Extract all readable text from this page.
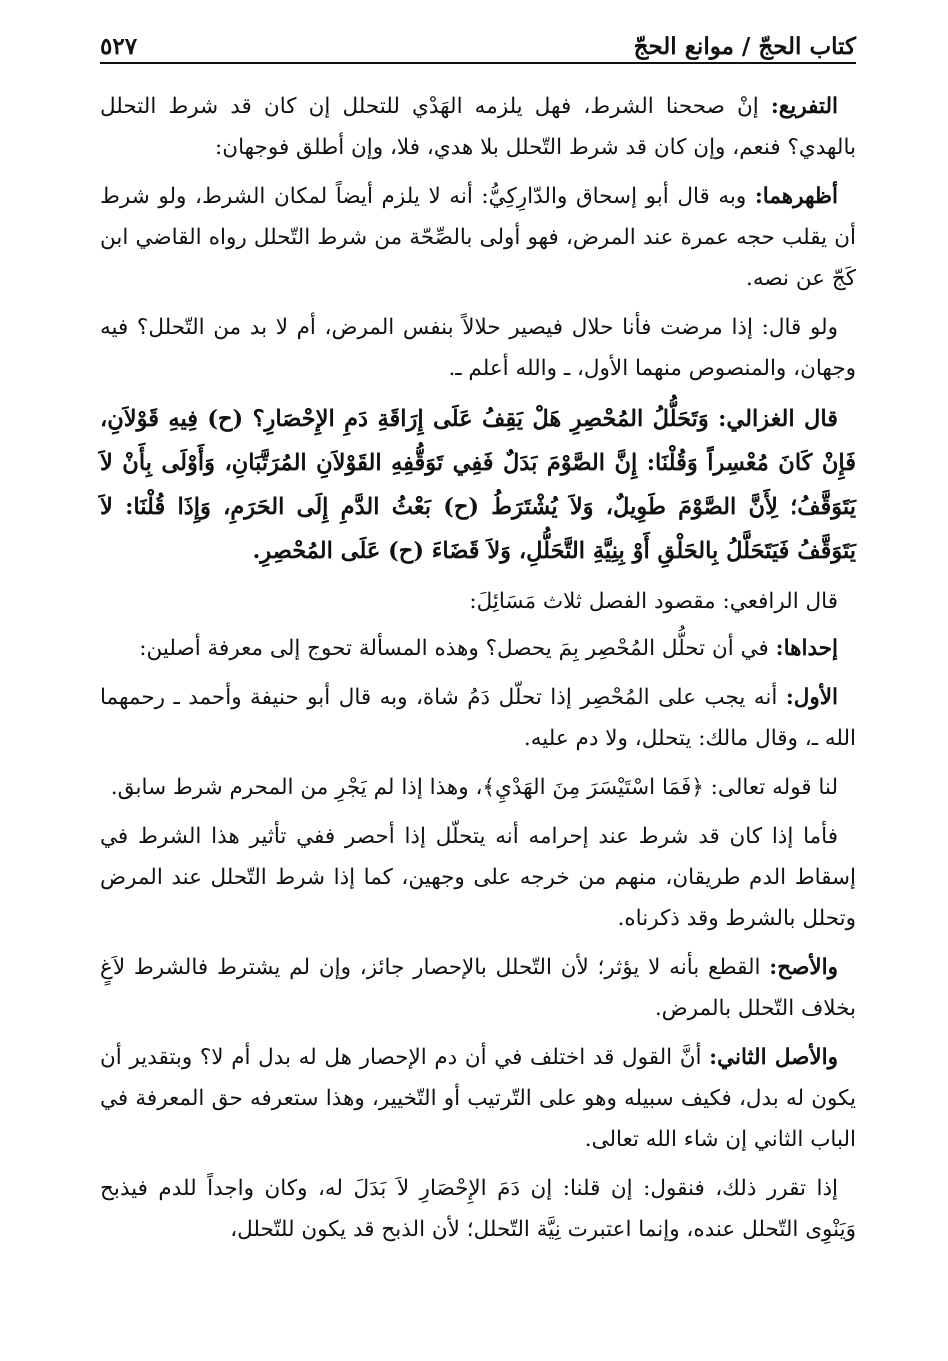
كتاب الحجّ / موانع الحجّ
٥٢٧

التفريع: إنْ صححنا الشرط، فهل يلزمه الهَدْي للتحلل إن كان قد شرط التحلل بالهدي؟ فنعم، وإن كان قد شرط التّحلل بلا هدي، فلا، وإن أطلق فوجهان:

أظهرهما: وبه قال أبو إسحاق والدّارِكِيُّ: أنه لا يلزم أيضاً لمكان الشرط، ولو شرط أن يقلب حجه عمرة عند المرض، فهو أولى بالصِّحّة من شرط التّحلل رواه القاضي ابن كَجّ عن نصه.

ولو قال: إذا مرضت فأنا حلال فيصير حلالاً بنفس المرض، أم لا بد من التّحلل؟ فيه وجهان، والمنصوص منهما الأول، ـ والله أعلم ـ.

قال الغزالي: وَتَحَلُّلُ المُحْصِرِ هَلْ يَقِفُ عَلَى إِرَاقَةِ دَمِ الإِحْصَارِ؟ (ح) فِيهِ قَوْلاَنِ، فَإِنْ كَانَ مُعْسِراً وَقُلْنَا: إِنَّ الصَّوْمَ بَدَلٌ فَفِي تَوَقُّفِهِ القَوْلاَنِ المُرَتَّبَانِ، وَأَوْلَى بِأَنْ لاَ يَتَوَقَّفُ؛ لِأَنَّ الصَّوْمَ طَوِيلٌ، وَلاَ يُشْتَرَطُ (ح) بَعْثُ الدَّمِ إِلَى الحَرَمِ، وَإِذَا قُلْنَا: لاَ يَتَوَقَّفُ فَيَتَحَلَّلُ بِالحَلْقِ أَوْ بِنِيَّةِ التَّحَلُّلِ، وَلاَ قَضَاءَ (ح) عَلَى المُحْصِرِ.

قال الرافعي: مقصود الفصل ثلاث مَسَائِلَ:

إحداها: في أن تحلُّل المُحْصِر بِمَ يحصل؟ وهذه المسألة تحوج إلى معرفة أصلين:

الأول: أنه يجب على المُحْصِر إذا تحلّل دَمُ شاة، وبه قال أبو حنيفة وأحمد ـ رحمهما الله ـ، وقال مالك: يتحلل، ولا دم عليه.

لنا قوله تعالى: ﴿فَمَا اسْتَيْسَرَ مِنَ الهَدْيِ﴾، وهذا إذا لم يَجْرِ من المحرم شرط سابق.

فأما إذا كان قد شرط عند إحرامه أنه يتحلّل إذا أحصر ففي تأثير هذا الشرط في إسقاط الدم طريقان، منهم من خرجه على وجهين، كما إذا شرط التّحلل عند المرض وتحلل بالشرط وقد ذكرناه.

والأصح: القطع بأنه لا يؤثر؛ لأن التّحلل بالإحصار جائز، وإن لم يشترط فالشرط لاَغٍ بخلاف التّحلل بالمرض.

والأصل الثاني: أنَّ القول قد اختلف في أن دم الإحصار هل له بدل أم لا؟ وبتقدير أن يكون له بدل، فكيف سبيله وهو على التّرتيب أو التّخيير، وهذا ستعرفه حق المعرفة في الباب الثاني إن شاء الله تعالى.

إذا تقرر ذلك، فنقول: إن قلنا: إن دَمَ الإِحْصَارِ لاَ بَدَلَ له، وكان واجداً للدم فيذبح وَيَنْوِى التّحلل عنده، وإنما اعتبرت نِيَّة التّحلل؛ لأن الذبح قد يكون للتّحلل،
